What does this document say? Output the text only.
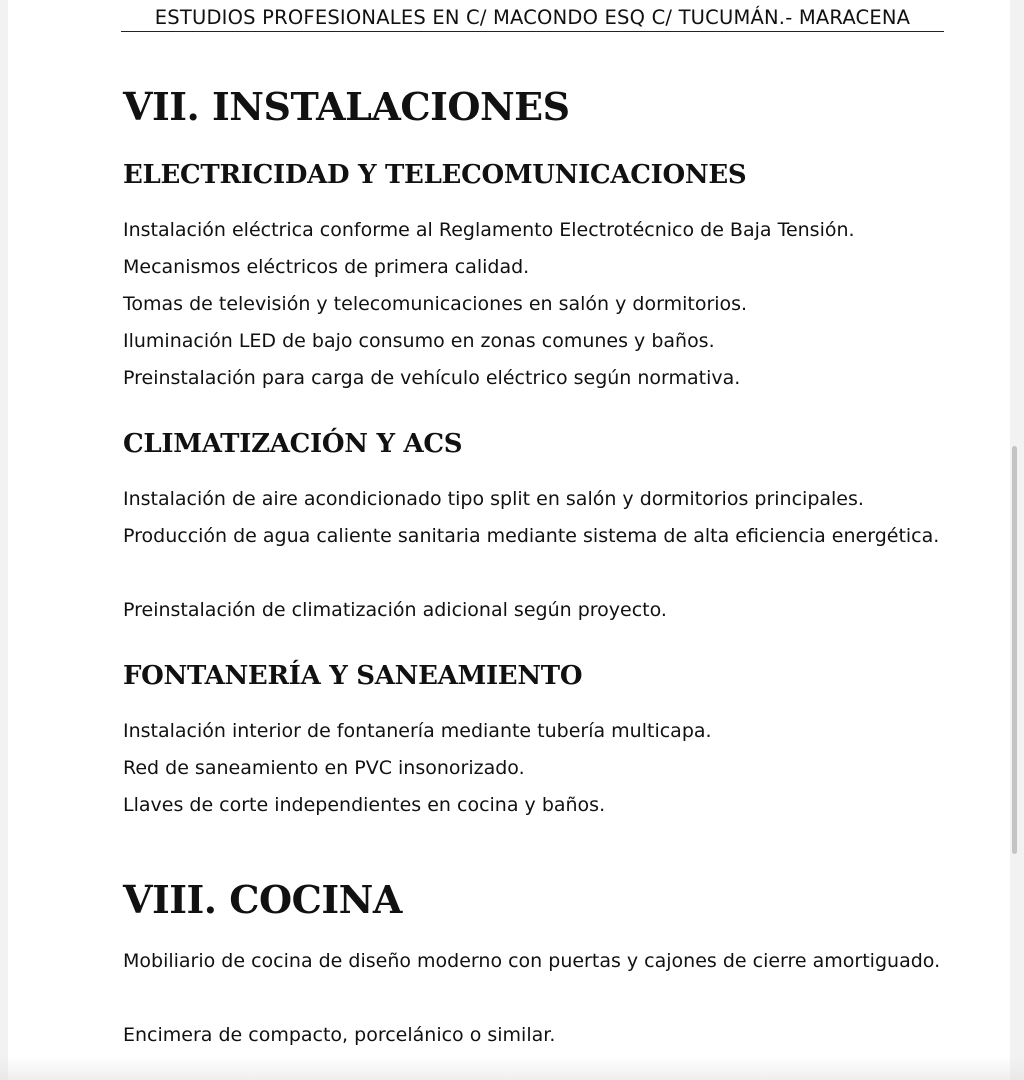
ESTUDIOS PROFESIONALES EN C/ MACONDO ESQ C/ TUCUMÁN.- MARACENA
VII. INSTALACIONES
ELECTRICIDAD Y TELECOMUNICACIONES

Instalación eléctrica conforme al Reglamento Electrotécnico de Baja Tensión.

Mecanismos eléctricos de primera calidad.

Tomas de televisión y telecomunicaciones en salón y dormitorios.

Iluminación LED de bajo consumo en zonas comunes y baños.

Preinstalación para carga de vehículo eléctrico según normativa.

CLIMATIZACIÓN Y ACS

Instalación de aire acondicionado tipo split en salón y dormitorios principales.

Producción de agua caliente sanitaria mediante sistema de alta eficiencia energética.

Preinstalación de climatización adicional según proyecto.

FONTANERÍA Y SANEAMIENTO

Instalación interior de fontanería mediante tubería multicapa.

Red de saneamiento en PVC insonorizado.

Llaves de corte independientes en cocina y baños.

VIII. COCINA

Mobiliario de cocina de diseño moderno con puertas y cajones de cierre amortiguado.

Encimera de compacto, porcelánico o similar.
